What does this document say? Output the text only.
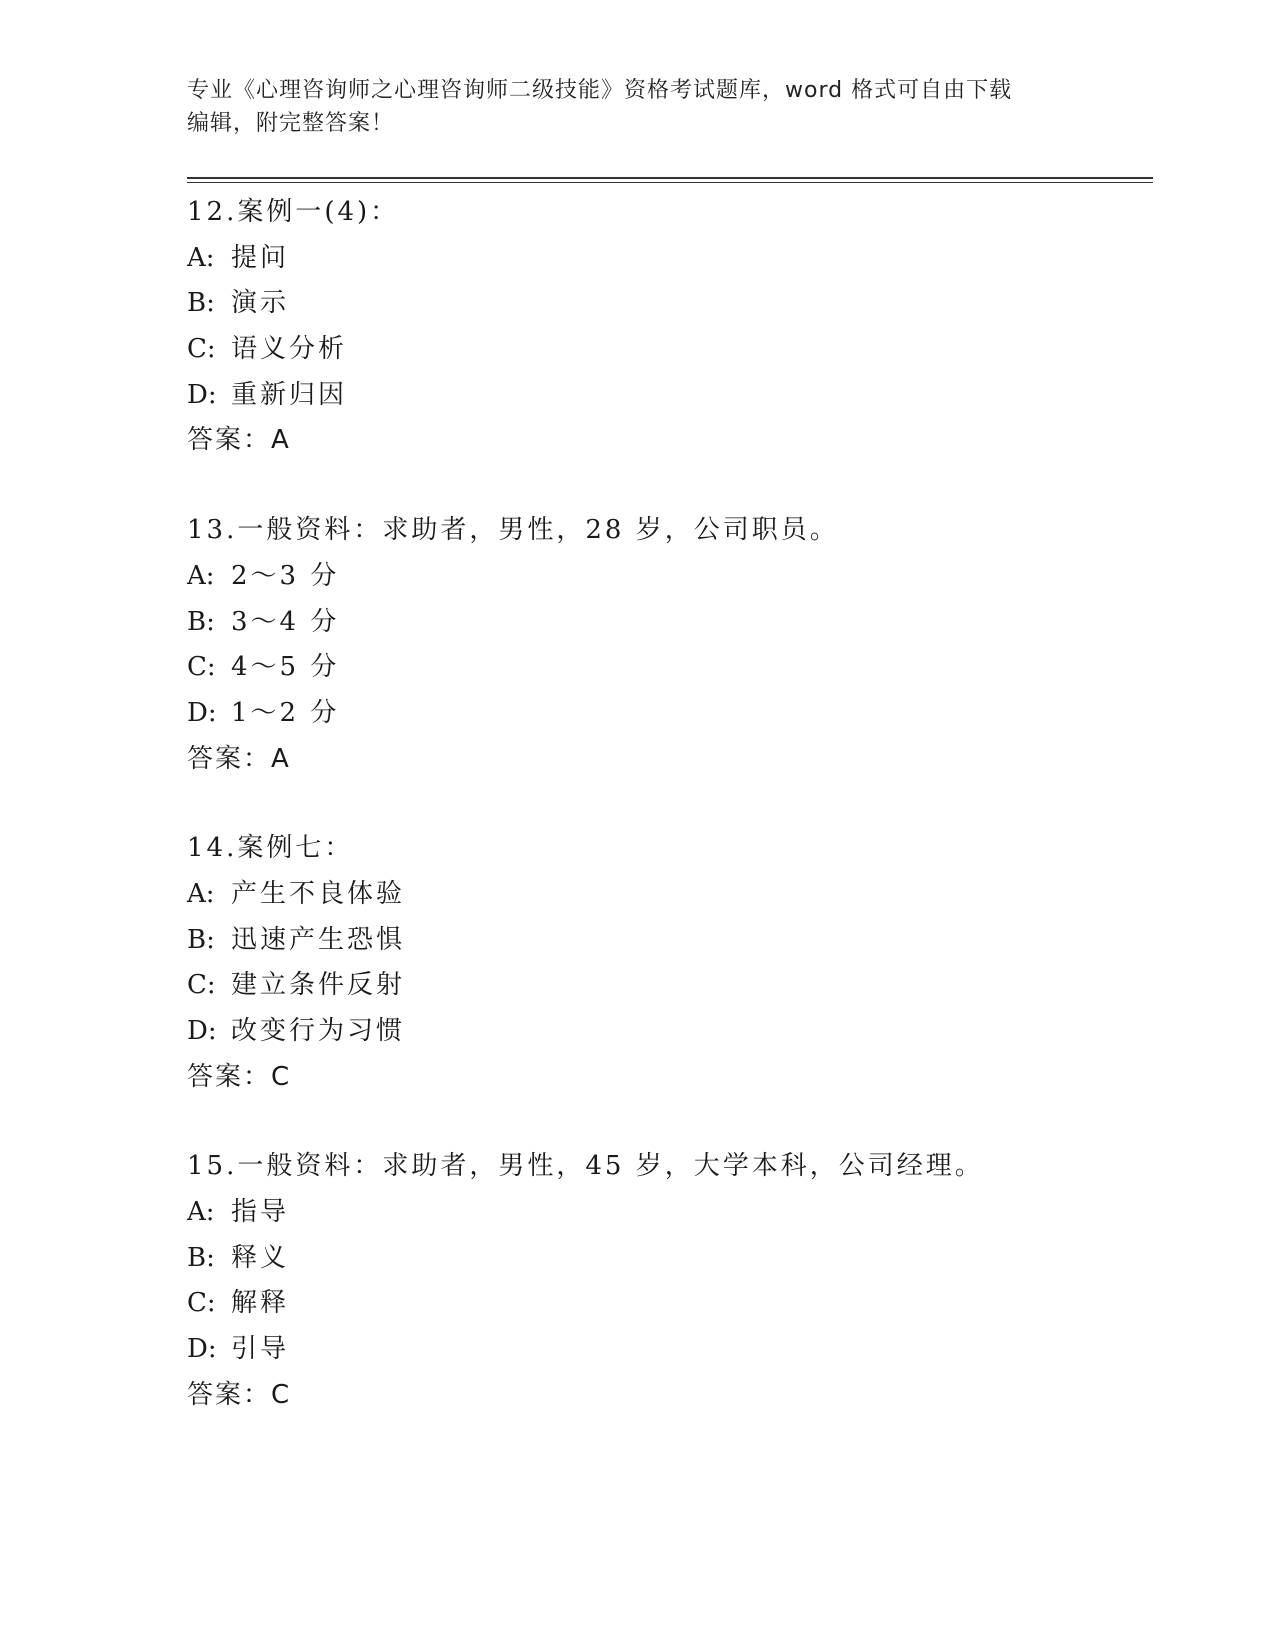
专业《心理咨询师之心理咨询师二级技能》资格考试题库，word 格式可自由下载
编辑，附完整答案！
12.案例一(4)：
A: 提问
B: 演示
C: 语义分析
D: 重新归因
答案：A
13.一般资料：求助者，男性，28 岁，公司职员。
A: 2～3 分
B: 3～4 分
C: 4～5 分
D: 1～2 分
答案：A
14.案例七：
A: 产生不良体验
B: 迅速产生恐惧
C: 建立条件反射
D: 改变行为习惯
答案：C
15.一般资料：求助者，男性，45 岁，大学本科，公司经理。
A: 指导
B: 释义
C: 解释
D: 引导
答案：C
